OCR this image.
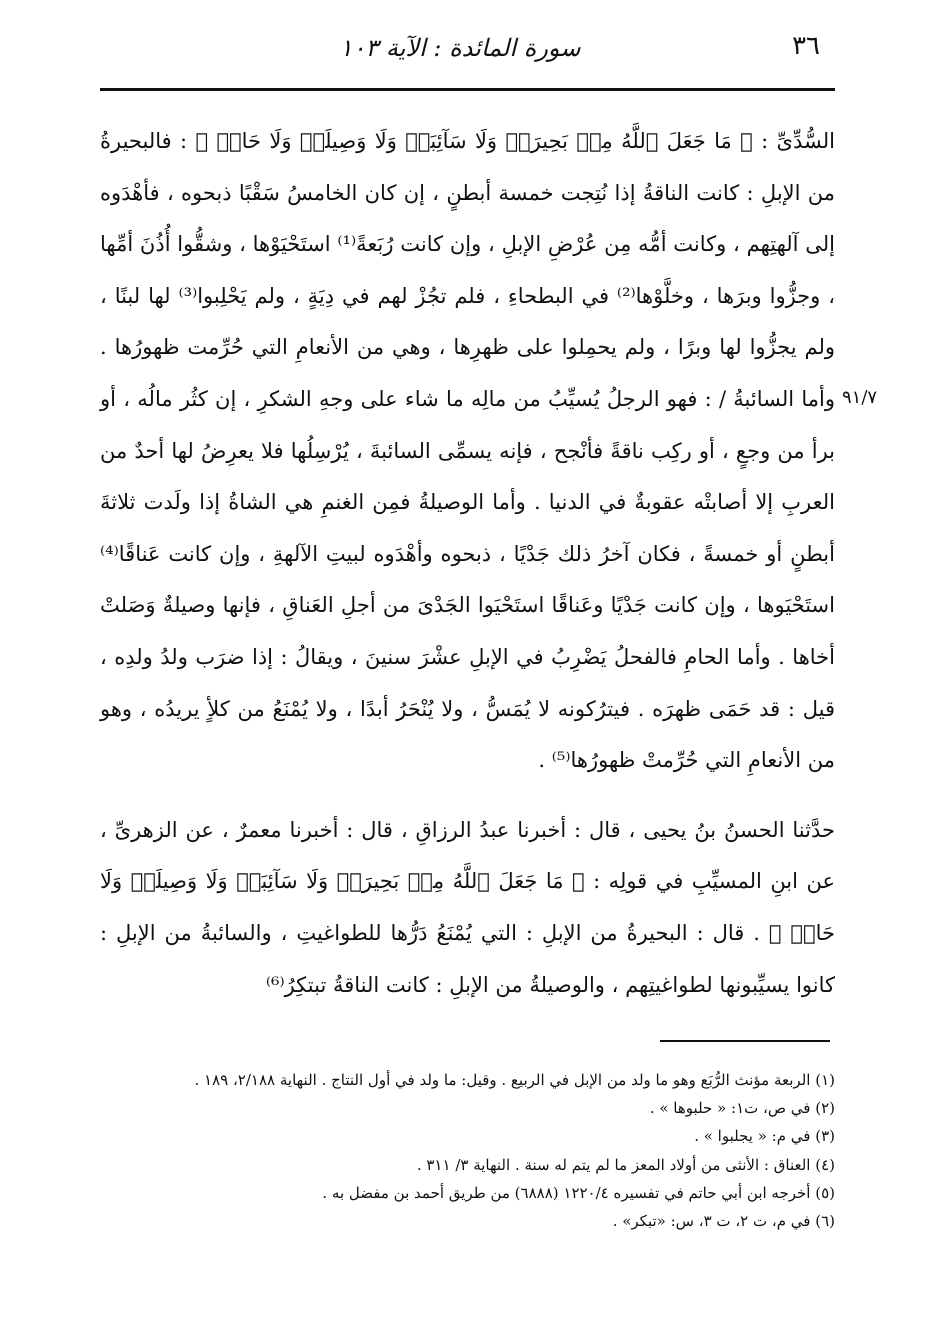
٣٦

سورة المائدة : الآية ١٠٣

٩١/٧

السُّدِّىِّ : ﴿ مَا جَعَلَ ٱللَّهُ مِنۢ بَحِيرَةٖ وَلَا سَآئِبَةٖ وَلَا وَصِيلَةٖ وَلَا حَامٖ ﴾ : فالبحيرةُ من الإبلِ : كانت الناقةُ إذا نُتِجت خمسة أبطنٍ ، إن كان الخامسُ سَقْبًا ذبحوه ، فأهْدَوه إلى آلهتِهم ، وكانت أمُّه مِن عُرْضِ الإبلِ ، وإن كانت رُبَعةً⁽¹⁾ استَحْيَوْها ، وشقُّوا أُذُنَ أمِّها ، وجزُّوا وبرَها ، وخلَّوْها⁽²⁾ في البطحاءِ ، فلم تجُزْ لهم في دِيَةٍ ، ولم يَحْلِبوا⁽³⁾ لها لبنًا ، ولم يجزُّوا لها وبرًا ، ولم يحمِلوا على ظهرِها ، وهي من الأنعامِ التي حُرِّمت ظهورُها . وأما السائبةُ / : فهو الرجلُ يُسيِّبُ من مالِه ما شاء على وجهِ الشكرِ ، إن كثُر مالُه ، أو برأ من وجعٍ ، أو ركِب ناقةً فأنْجح ، فإنه يسمِّى السائبةَ ، يُرْسِلُها فلا يعرِضُ لها أحدٌ من العربِ إلا أصابتْه عقوبةٌ في الدنيا . وأما الوصيلةُ فمِن الغنمِ هي الشاةُ إذا ولَدت ثلاثةَ أبطنٍ أو خمسةً ، فكان آخرُ ذلك جَدْيًا ، ذبحوه وأهْدَوه لبيتِ الآلهةِ ، وإن كانت عَناقًا⁽⁴⁾ استَحْيَوها ، وإن كانت جَدْيًا وعَناقًا استَحْيَوا الجَدْىَ من أجلِ العَناقِ ، فإنها وصيلةٌ وَصَلتْ أخاها . وأما الحامِ فالفحلُ يَضْرِبُ في الإبلِ عشْرَ سنينَ ، ويقالُ : إذا ضرَب ولدُ ولدِه ، قيل : قد حَمَى ظهرَه . فيترُكونه لا يُمَسُّ ، ولا يُنْحَرُ أبدًا ، ولا يُمْنَعُ من كلأٍ يريدُه ، وهو من الأنعامِ التي حُرِّمتْ ظهورُها⁽⁵⁾ .

حدَّثنا الحسنُ بنُ يحيى ، قال : أخبرنا عبدُ الرزاقِ ، قال : أخبرنا معمرٌ ، عن الزهرىِّ ، عن ابنِ المسيِّبِ في قولِه : ﴿ مَا جَعَلَ ٱللَّهُ مِنۢ بَحِيرَةٖ وَلَا سَآئِبَةٖ وَلَا وَصِيلَةٖ وَلَا حَامٖ ﴾ . قال : البحيرةُ من الإبلِ : التي يُمْنَعُ دَرُّها للطواغيتِ ، والسائبةُ من الإبلِ : كانوا يسيِّبونها لطواغيتِهم ، والوصيلةُ من الإبلِ : كانت الناقةُ تبتكِرُ⁽⁶⁾

(١) الربعة مؤنث الرُّبَع وهو ما ولد من الإبل في الربيع . وقيل: ما ولد في أول النتاج . النهاية ٢/١٨٨، ١٨٩ .
(٢) في ص، ت١: « حلبوها » .
(٣) في م: « يجلبوا » .
(٤) العناق : الأنثى من أولاد المعز ما لم يتم له سنة . النهاية ٣/ ٣١١ .
(٥) أخرجه ابن أبي حاتم في تفسيره ١٢٢٠/٤ (٦٨٨٨) من طريق أحمد بن مفضل به .
(٦) في م، ت ٢، ت ٣، س: «تبكر» .
